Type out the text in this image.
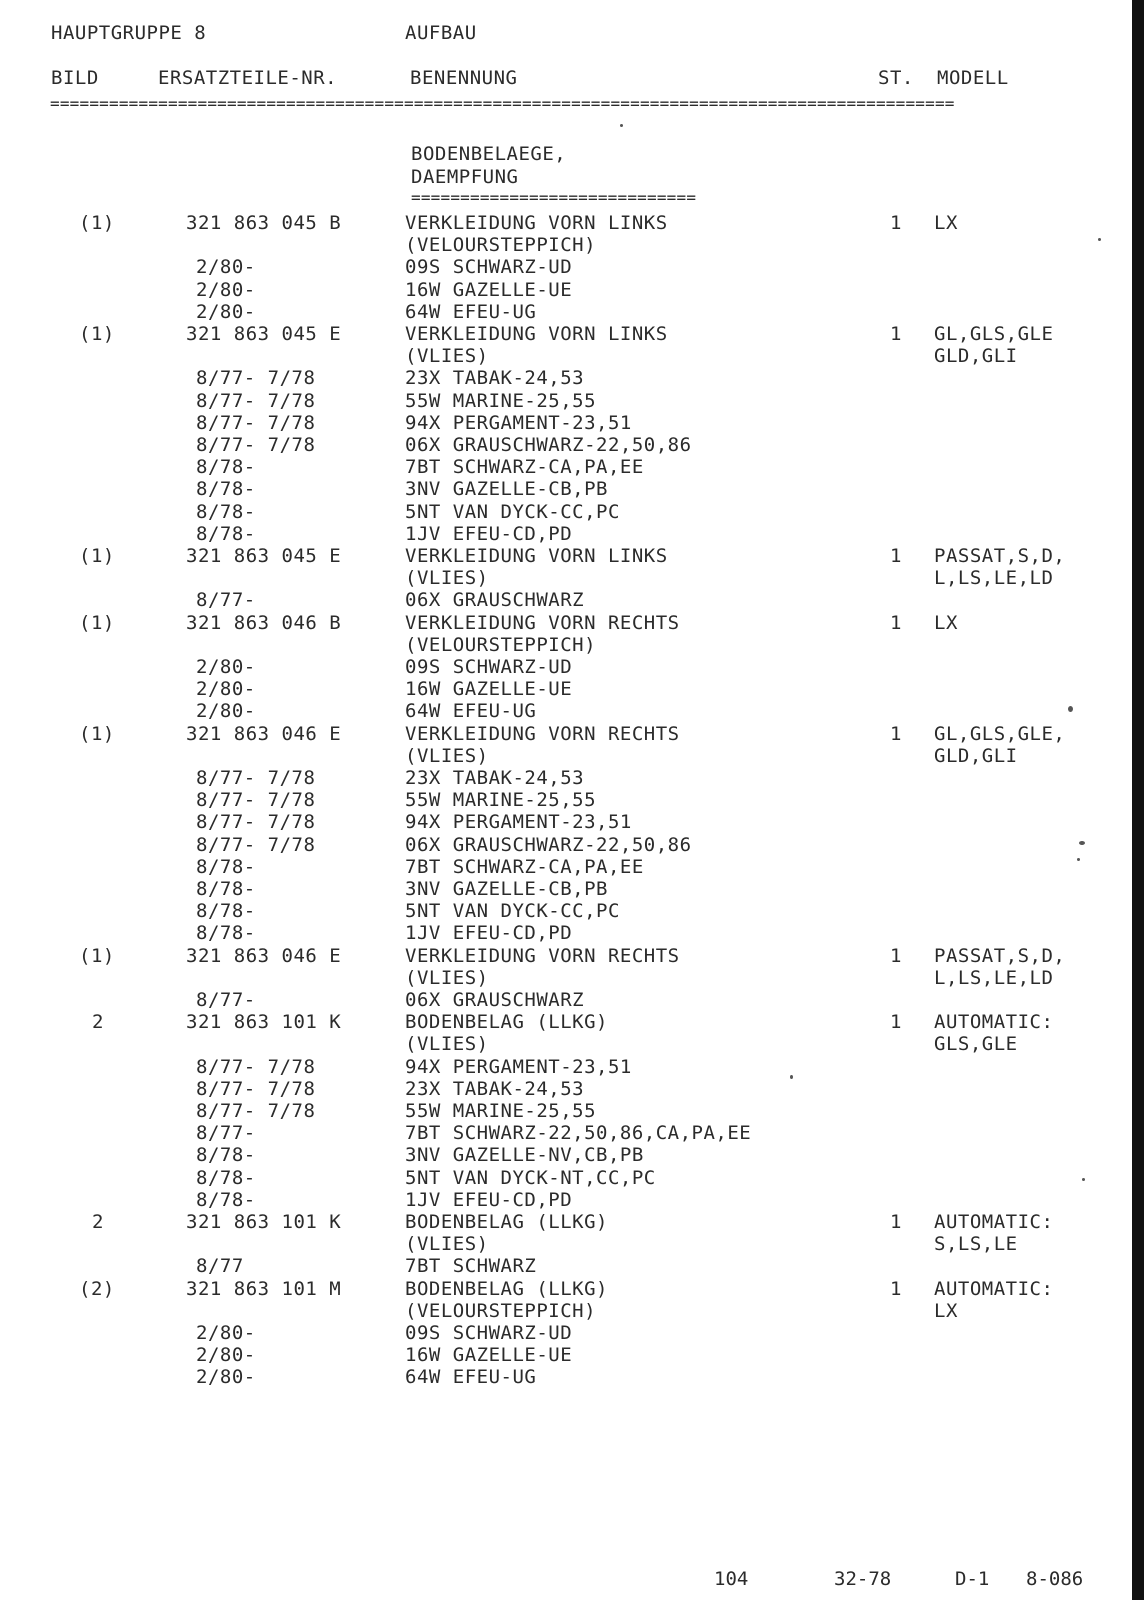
HAUPTGRUPPE 8	AUFBAU
BILD	ERSATZTEILE-NR.	BENENNUNG	ST. MODELL
============================================================================================
BODENBELAEGE,
DAEMPFUNG
=============================
(1)	321 863 045 B	VERKLEIDUNG VORN LINKS	1 LX
(VELOURSTEPPICH)
2/80-	09S SCHWARZ-UD
2/80-	16W GAZELLE-UE
2/80-	64W EFEU-UG
(1)	321 863 045 E	VERKLEIDUNG VORN LINKS	1 GL,GLS,GLE
(VLIES)	GLD,GLI
8/77- 7/78	23X TABAK-24,53
8/77- 7/78	55W MARINE-25,55
8/77- 7/78	94X PERGAMENT-23,51
8/77- 7/78	06X GRAUSCHWARZ-22,50,86
8/78-	7BT SCHWARZ-CA,PA,EE
8/78-	3NV GAZELLE-CB,PB
8/78-	5NT VAN DYCK-CC,PC
8/78-	1JV EFEU-CD,PD
(1)	321 863 045 E	VERKLEIDUNG VORN LINKS	1 PASSAT,S,D,
(VLIES)	L,LS,LE,LD
8/77-	06X GRAUSCHWARZ
(1)	321 863 046 B	VERKLEIDUNG VORN RECHTS	1 LX
(VELOURSTEPPICH)
2/80-	09S SCHWARZ-UD
2/80-	16W GAZELLE-UE
2/80-	64W EFEU-UG
(1)	321 863 046 E	VERKLEIDUNG VORN RECHTS	1 GL,GLS,GLE,
(VLIES)	GLD,GLI
8/77- 7/78	23X TABAK-24,53
8/77- 7/78	55W MARINE-25,55
8/77- 7/78	94X PERGAMENT-23,51
8/77- 7/78	06X GRAUSCHWARZ-22,50,86
8/78-	7BT SCHWARZ-CA,PA,EE
8/78-	3NV GAZELLE-CB,PB
8/78-	5NT VAN DYCK-CC,PC
8/78-	1JV EFEU-CD,PD
(1)	321 863 046 E	VERKLEIDUNG VORN RECHTS	1 PASSAT,S,D,
(VLIES)	L,LS,LE,LD
8/77-	06X GRAUSCHWARZ
2	321 863 101 K	BODENBELAG (LLKG)	1 AUTOMATIC:
(VLIES)	GLS,GLE
8/77- 7/78	94X PERGAMENT-23,51
8/77- 7/78	23X TABAK-24,53
8/77- 7/78	55W MARINE-25,55
8/77-	7BT SCHWARZ-22,50,86,CA,PA,EE
8/78-	3NV GAZELLE-NV,CB,PB
8/78-	5NT VAN DYCK-NT,CC,PC
8/78-	1JV EFEU-CD,PD
2	321 863 101 K	BODENBELAG (LLKG)	1 AUTOMATIC:
(VLIES)	S,LS,LE
8/77	7BT SCHWARZ
(2)	321 863 101 M	BODENBELAG (LLKG)	1 AUTOMATIC:
(VELOURSTEPPICH)	LX
2/80-	09S SCHWARZ-UD
2/80-	16W GAZELLE-UE
2/80-	64W EFEU-UG
104	32-78	D-1 8-086
